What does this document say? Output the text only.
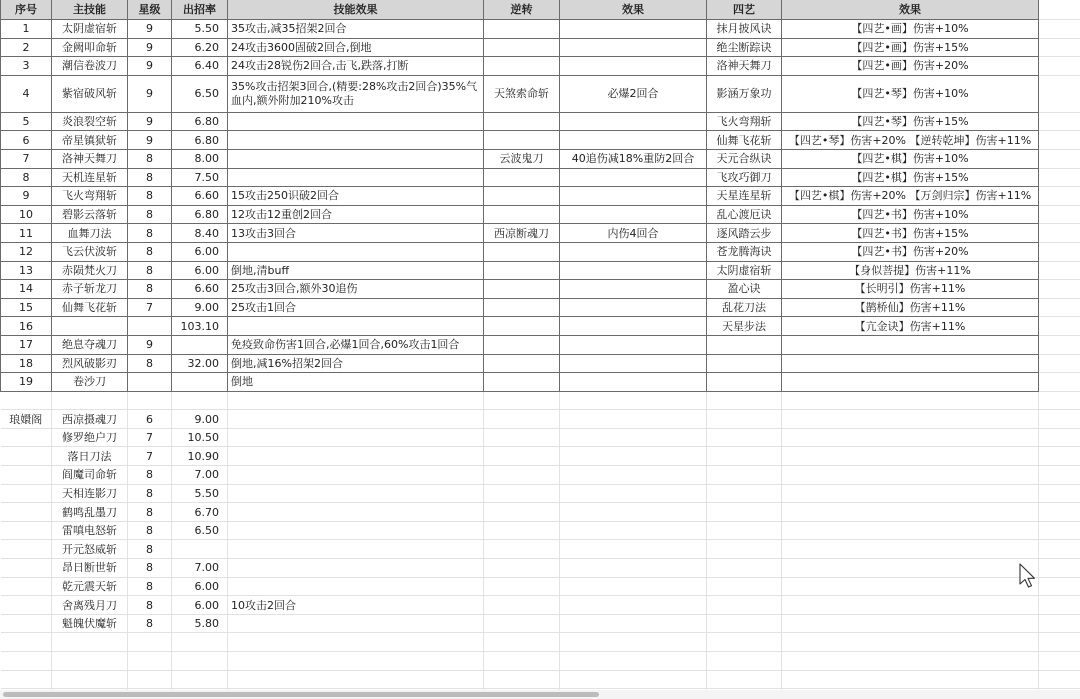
序号	主技能	星级	出招率	技能效果	逆转	效果	四艺	效果	
1	太阴虚宿斩	9	5.50	35攻击,减35招架2回合			抹月披风诀	【四艺•画】伤害+10%	
2	金阙叩命斩	9	6.20	24攻击3600固破2回合,倒地			绝尘断踪诀	【四艺•画】伤害+15%	
3	潮信卷波刀	9	6.40	24攻击28锐伤2回合,击飞,跌落,打断			洛神天舞刀	【四艺•画】伤害+20%	
4	紫宿破风斩	9	6.50	35%攻击招架3回合,(精要:28%攻击2回合)35%气血内,额外附加210%攻击	天煞索命斩	必爆2回合	影涵万象功	【四艺•琴】伤害+10%	
5	炎浪裂空斩	9	6.80				飞火弯翔斩	【四艺•琴】伤害+15%	
6	帝星镇狱斩	9	6.80				仙舞飞花斩	【四艺•琴】伤害+20% 【逆转乾坤】伤害+11%	
7	洛神天舞刀	8	8.00		云波鬼刀	40追伤减18%重防2回合	天元合纵诀	【四艺•棋】伤害+10%	
8	天机连星斩	8	7.50				飞攻巧御刀	【四艺•棋】伤害+15%	
9	飞火弯翔斩	8	6.60	15攻击250识破2回合			天星连星斩	【四艺•棋】伤害+20% 【万剑归宗】伤害+11%	
10	碧影云落斩	8	6.80	12攻击12重创2回合			乱心渡厄诀	【四艺•书】伤害+10%	
11	血舞刀法	8	8.40	13攻击3回合	西凉断魂刀	内伤4回合	逐风踏云步	【四艺•书】伤害+15%	
12	飞云伏波斩	8	6.00				苍龙腾海诀	【四艺•书】伤害+20%	
13	赤陨梵火刀	8	6.00	倒地,清buff			太阴虚宿斩	【身似菩提】伤害+11%	
14	赤子斩龙刀	8	6.60	25攻击3回合,额外30追伤			盈心诀	【长明引】伤害+11%	
15	仙舞飞花斩	7	9.00	25攻击1回合			乱花刀法	【鹊桥仙】伤害+11%	
16			103.10				天星步法	【亢金诀】伤害+11%	
17	绝息夺魂刀	9		免疫致命伤害1回合,必爆1回合,60%攻击1回合					
18	烈风破影刃	8	32.00	倒地,减16%招架2回合					
19	卷沙刀			倒地					

琅嬛阁	西凉摄魂刀	6	9.00						
	修罗绝户刀	7	10.50						
	落日刀法	7	10.90						
	阎魔司命斩	8	7.00						
	天相连影刀	8	5.50						
	鹤鸣乱墨刀	8	6.70						
	雷嗔电怒斩	8	6.50						
	开元怒威斩	8							
	昂日断世斩	8	7.00						
	乾元震天斩	8	6.00						
	舍离残月刀	8	6.00	10攻击2回合					
	魁魄伏魔斩	8	5.80						
